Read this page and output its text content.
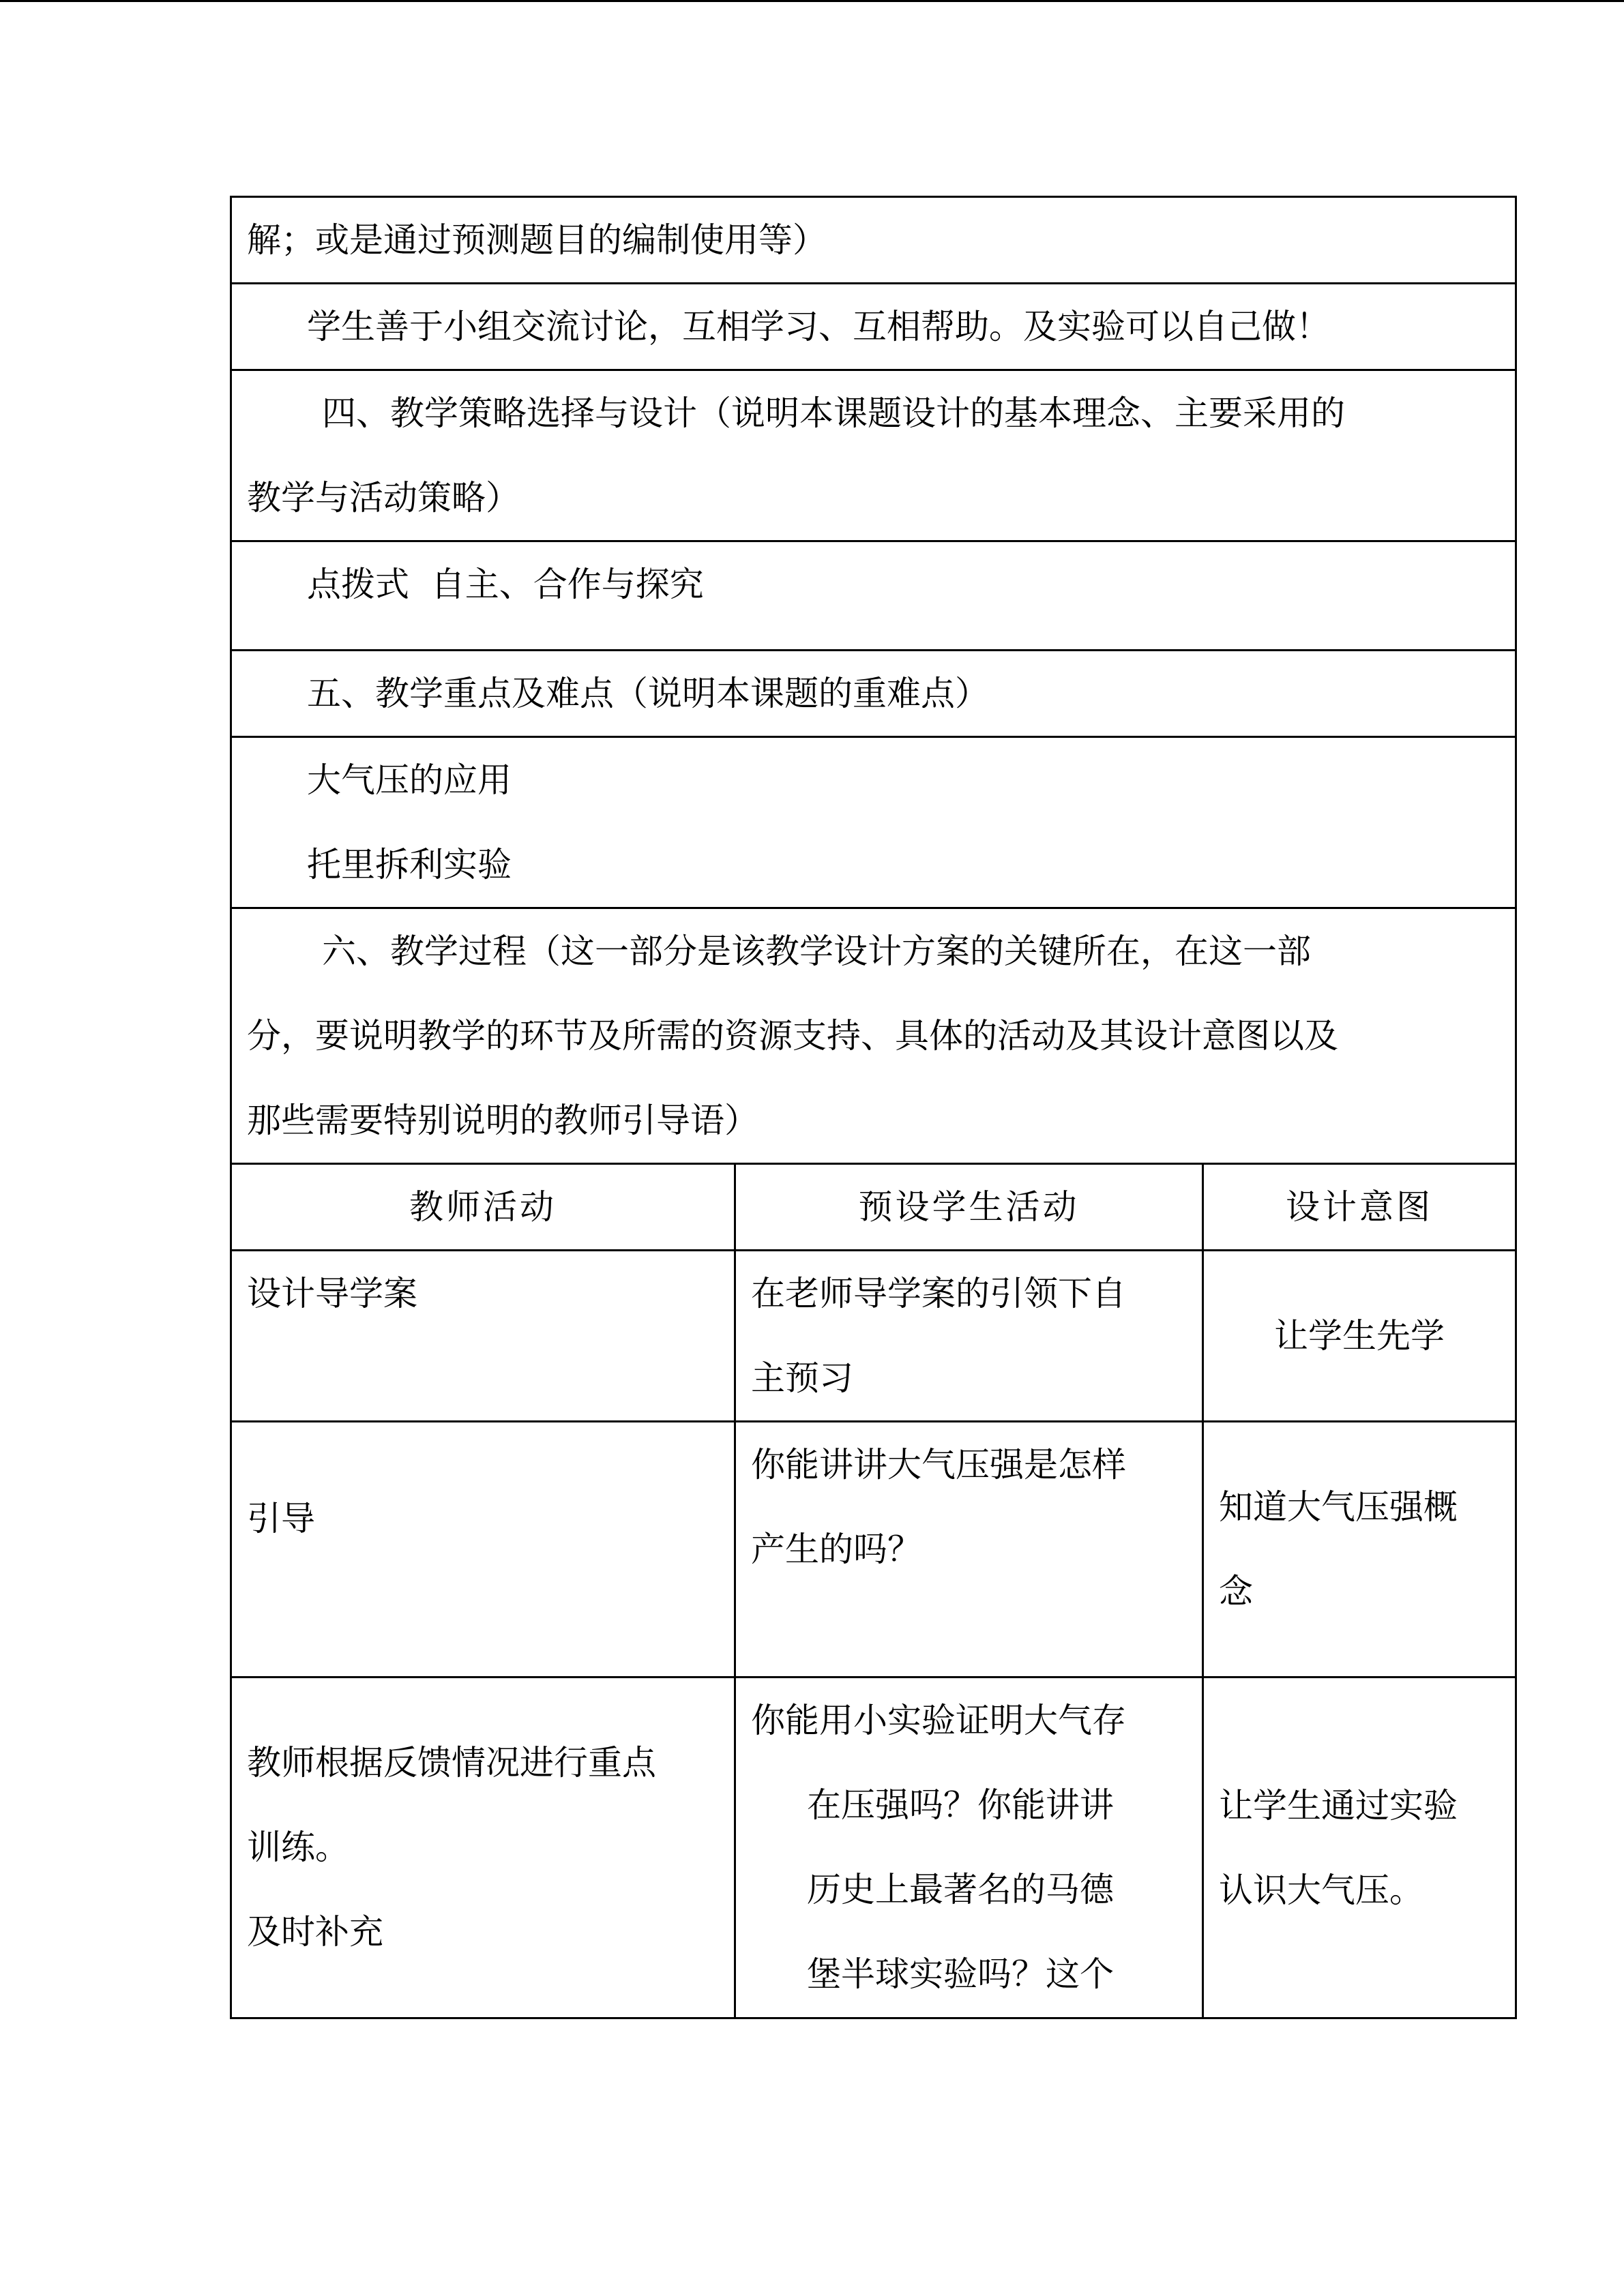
解；或是通过预测题目的编制使用等）		
学生善于小组交流讨论，互相学习、互相帮助。及实验可以自己做！		

四、教学策略选择与设计（说明本课题设计的基本理念、主要采用的
教学与活动策略）		

点拨式  自主、合作与探究		
五、教学重点及难点（说明本课题的重难点）		

大气压的应用
托里拆利实验		

六、教学过程（这一部分是该教学设计方案的关键所在，在这一部
分，要说明教学的环节及所需的资源支持、具体的活动及其设计意图以及
那些需要特别说明的教师引导语）		

教师活动	预设学生活动	设计意图

设计导学案	在老师导学案的引领下自
主预习	让学生先学

引导	你能讲讲大气压强是怎样
产生的吗？	知道大气压强概
念

教师根据反馈情况进行重点
训练。
及时补充	你能用小实验证明大气存
在压强吗？你能讲讲
历史上最著名的马德
堡半球实验吗？这个	让学生通过实验
认识大气压。
